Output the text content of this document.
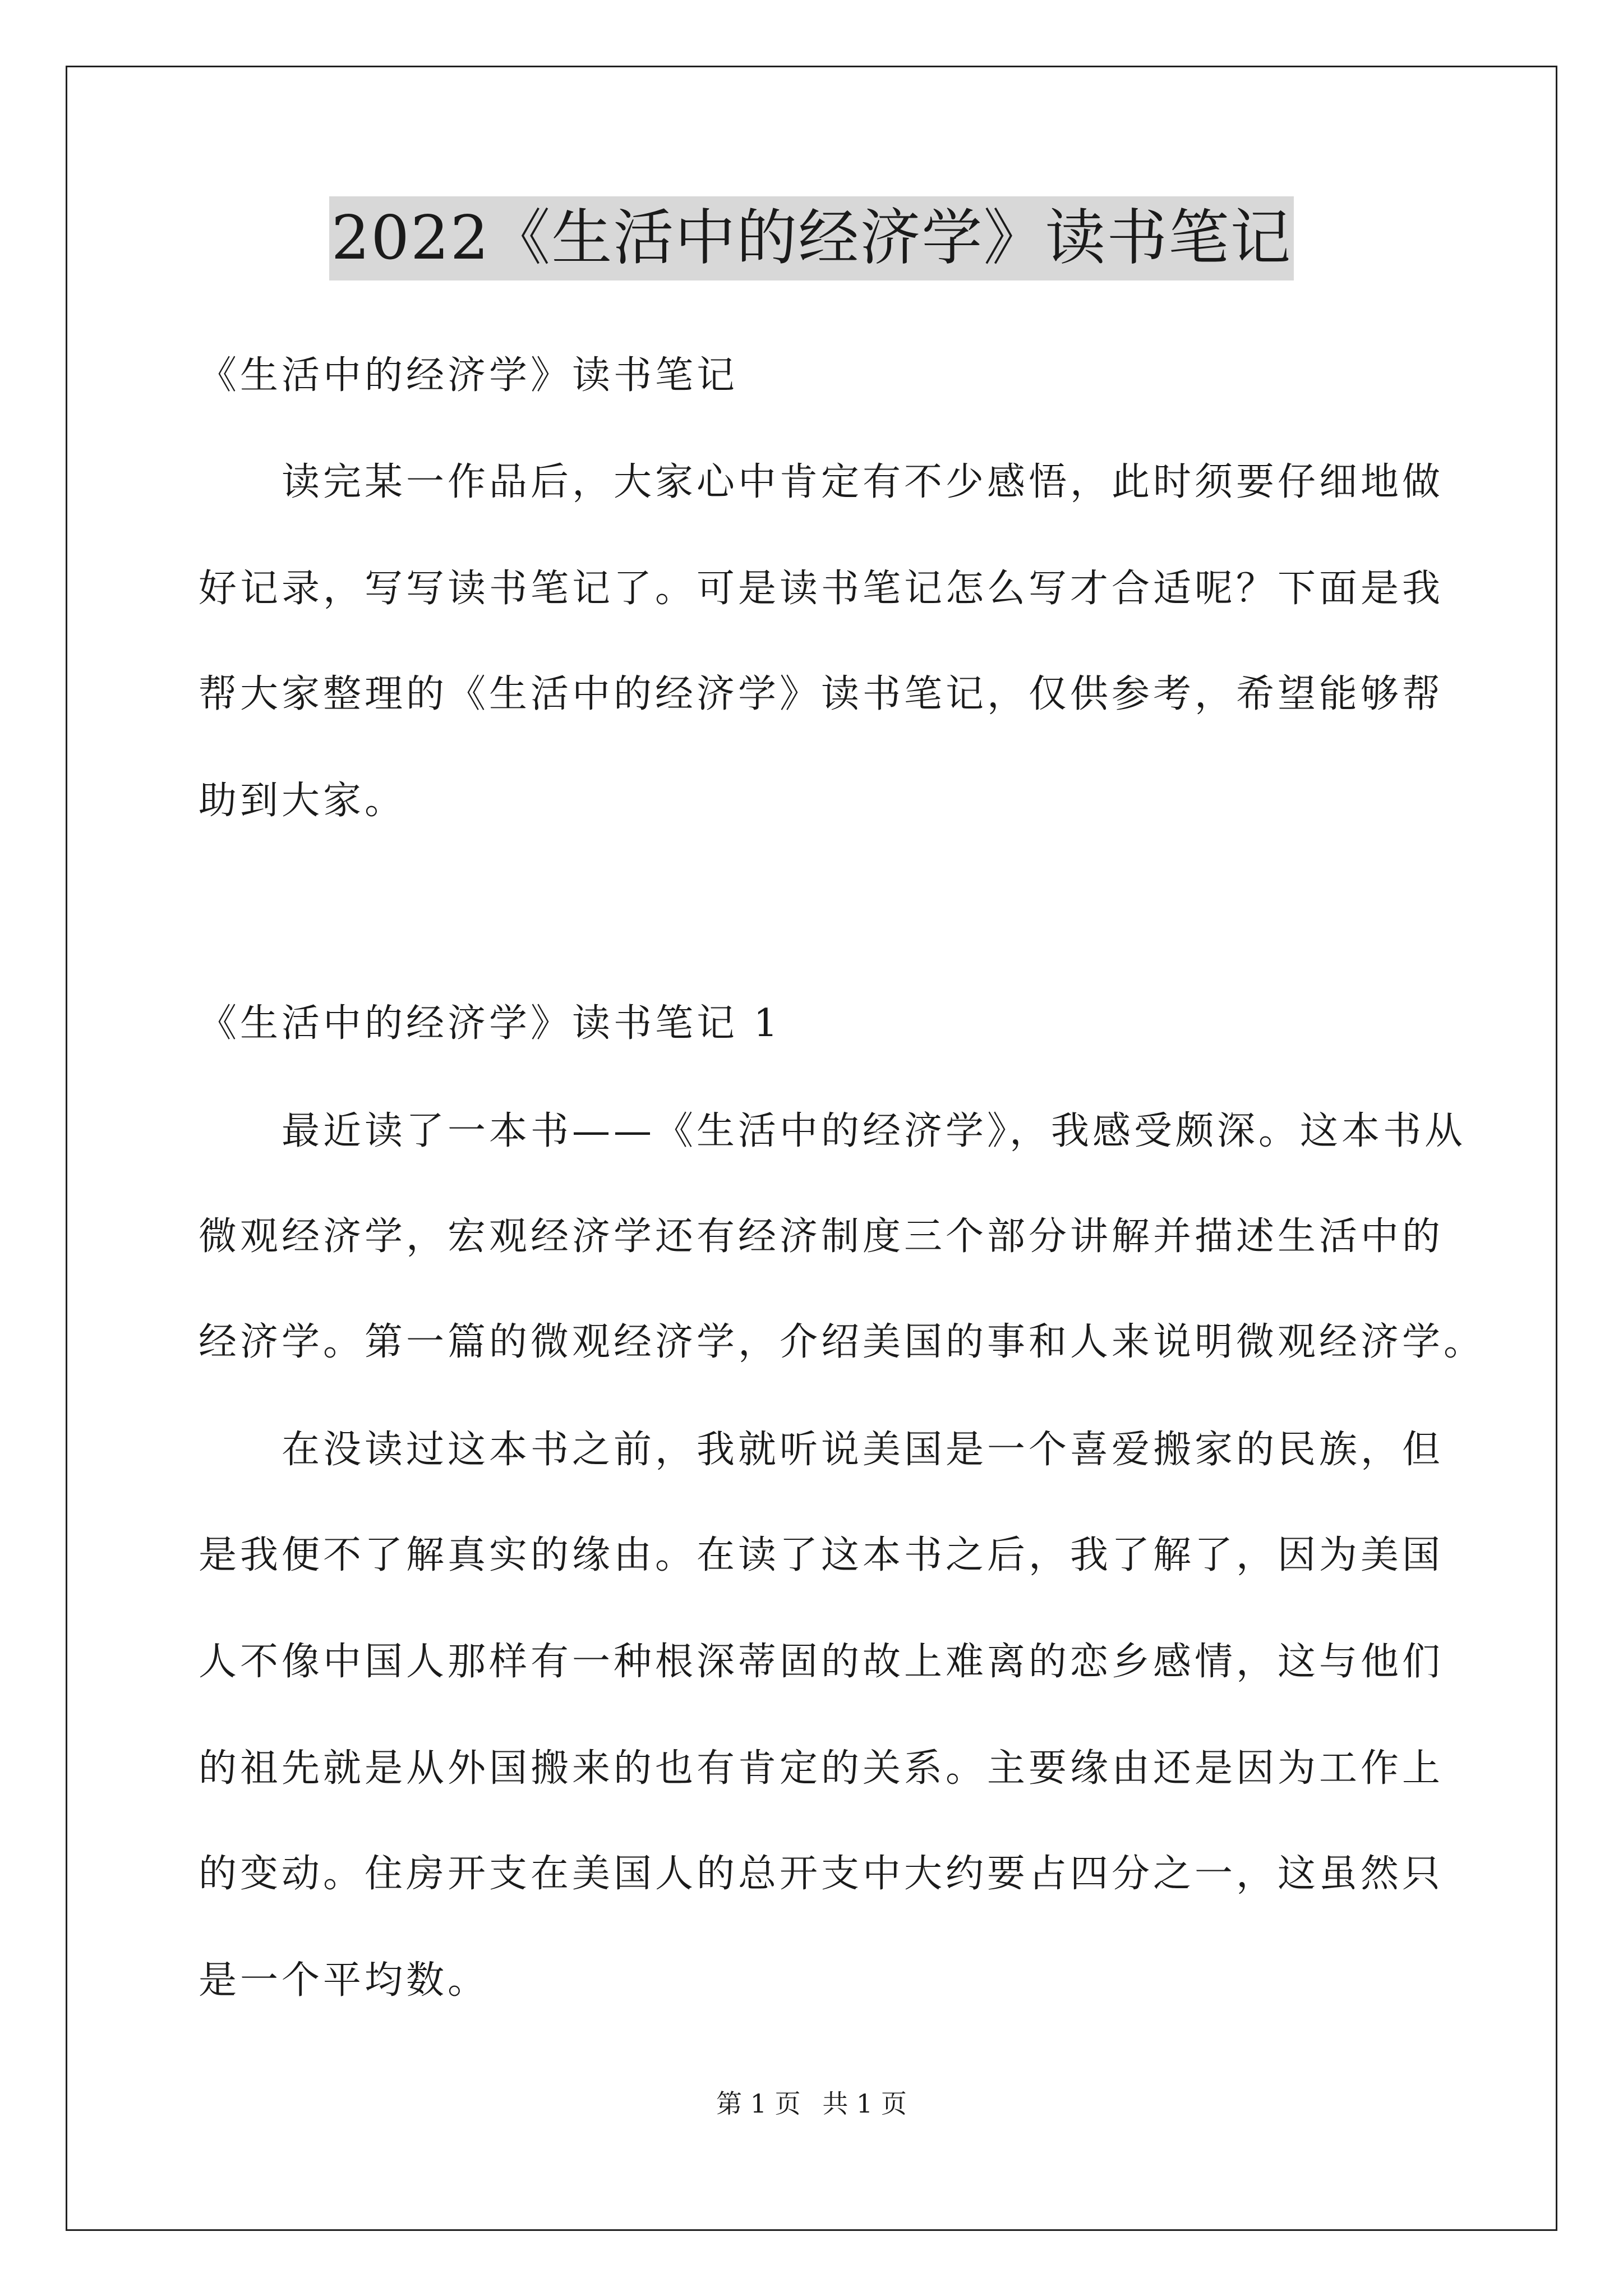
2022《生活中的经济学》读书笔记
《生活中的经济学》读书笔记
读完某一作品后，大家心中肯定有不少感悟，此时须要仔细地做
好记录，写写读书笔记了。可是读书笔记怎么写才合适呢？下面是我
帮大家整理的《生活中的经济学》读书笔记，仅供参考，希望能够帮
助到大家。
《生活中的经济学》读书笔记 1
最近读了一本书——《生活中的经济学》，我感受颇深。这本书从
微观经济学，宏观经济学还有经济制度三个部分讲解并描述生活中的
经济学。第一篇的微观经济学，介绍美国的事和人来说明微观经济学。
在没读过这本书之前，我就听说美国是一个喜爱搬家的民族，但
是我便不了解真实的缘由。在读了这本书之后，我了解了，因为美国
人不像中国人那样有一种根深蒂固的故上难离的恋乡感情，这与他们
的祖先就是从外国搬来的也有肯定的关系。主要缘由还是因为工作上
的变动。住房开支在美国人的总开支中大约要占四分之一，这虽然只
是一个平均数。
第 1 页 共 1 页
